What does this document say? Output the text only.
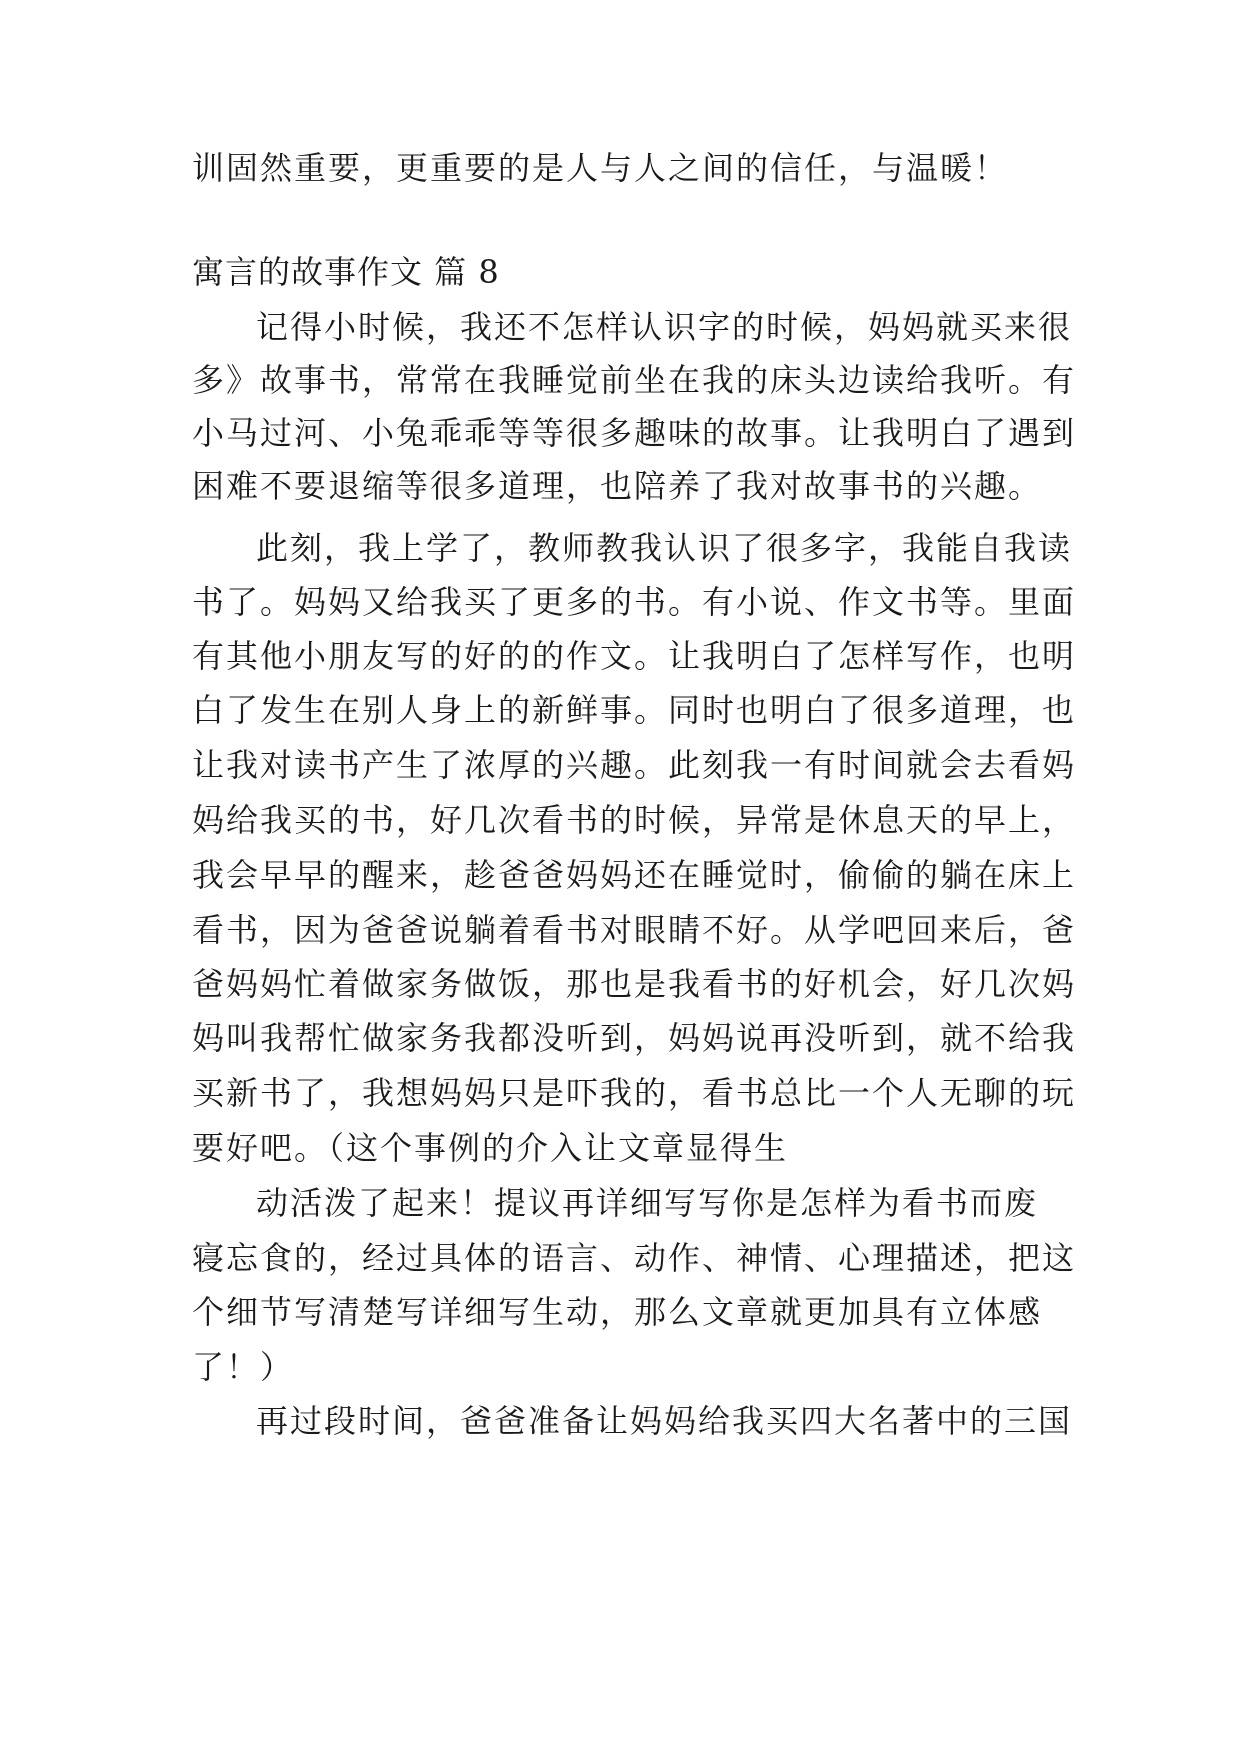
训固然重要，更重要的是人与人之间的信任，与温暖！
寓言的故事作文 篇 8
记得小时候，我还不怎样认识字的时候，妈妈就买来很
多》故事书，常常在我睡觉前坐在我的床头边读给我听。有
小马过河、小兔乖乖等等很多趣味的故事。让我明白了遇到
困难不要退缩等很多道理，也陪养了我对故事书的兴趣。
此刻，我上学了，教师教我认识了很多字，我能自我读
书了。妈妈又给我买了更多的书。有小说、作文书等。里面
有其他小朋友写的好的的作文。让我明白了怎样写作，也明
白了发生在别人身上的新鲜事。同时也明白了很多道理，也
让我对读书产生了浓厚的兴趣。此刻我一有时间就会去看妈
妈给我买的书，好几次看书的时候，异常是休息天的早上，
我会早早的醒来，趁爸爸妈妈还在睡觉时，偷偷的躺在床上
看书，因为爸爸说躺着看书对眼睛不好。从学吧回来后，爸
爸妈妈忙着做家务做饭，那也是我看书的好机会，好几次妈
妈叫我帮忙做家务我都没听到，妈妈说再没听到，就不给我
买新书了，我想妈妈只是吓我的，看书总比一个人无聊的玩
要好吧。（这个事例的介入让文章显得生
动活泼了起来！提议再详细写写你是怎样为看书而废
寝忘食的，经过具体的语言、动作、神情、心理描述，把这
个细节写清楚写详细写生动，那么文章就更加具有立体感
了！）
再过段时间，爸爸准备让妈妈给我买四大名著中的三国
